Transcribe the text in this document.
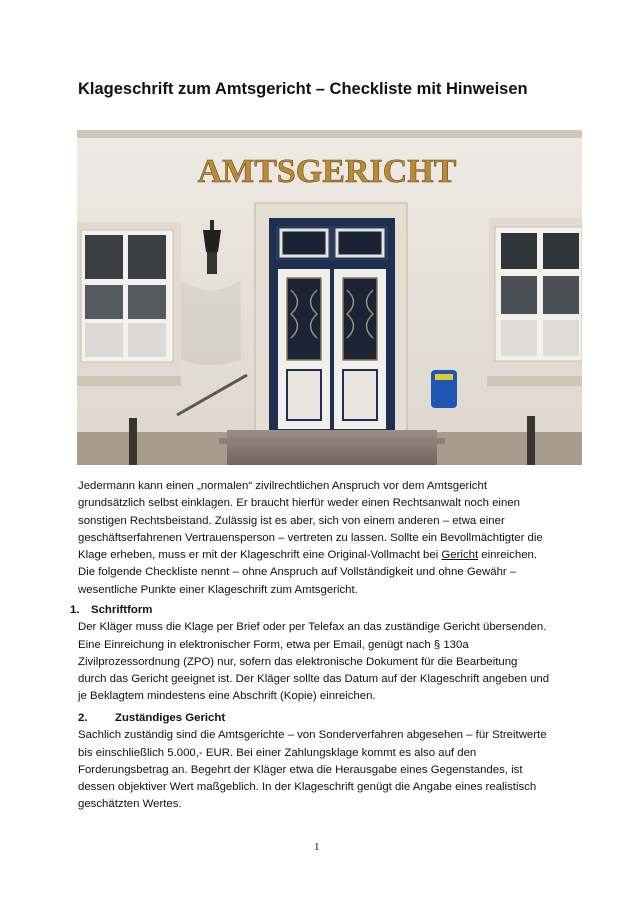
Klageschrift zum Amtsgericht – Checkliste mit Hinweisen
AMTSGERICHT
Jedermann kann einen „normalen“ zivilrechtlichen Anspruch vor dem Amtsgericht
grundsätzlich selbst einklagen. Er braucht hierfür weder einen Rechtsanwalt noch einen
sonstigen Rechtsbeistand. Zulässig ist es aber, sich von einem anderen – etwa einer
geschäftserfahrenen Vertrauensperson – vertreten zu lassen. Sollte ein Bevollmächtigter die
Klage erheben, muss er mit der Klageschrift eine Original-Vollmacht bei Gericht einreichen.
Die folgende Checkliste nennt – ohne Anspruch auf Vollständigkeit und ohne Gewähr –
wesentliche Punkte einer Klageschrift zum Amtsgericht.
1. Schriftform
Der Kläger muss die Klage per Brief oder per Telefax an das zuständige Gericht übersenden.
Eine Einreichung in elektronischer Form, etwa per Email, genügt nach § 130a
Zivilprozessordnung (ZPO) nur, sofern das elektronische Dokument für die Bearbeitung
durch das Gericht geeignet ist. Der Kläger sollte das Datum auf der Klageschrift angeben und
je Beklagtem mindestens eine Abschrift (Kopie) einreichen.
2. Zuständiges Gericht
Sachlich zuständig sind die Amtsgerichte – von Sonderverfahren abgesehen – für Streitwerte
bis einschließlich 5.000,- EUR. Bei einer Zahlungsklage kommt es also auf den
Forderungsbetrag an. Begehrt der Kläger etwa die Herausgabe eines Gegenstandes, ist
dessen objektiver Wert maßgeblich. In der Klageschrift genügt die Angabe eines realistisch
geschätzten Wertes.
1
